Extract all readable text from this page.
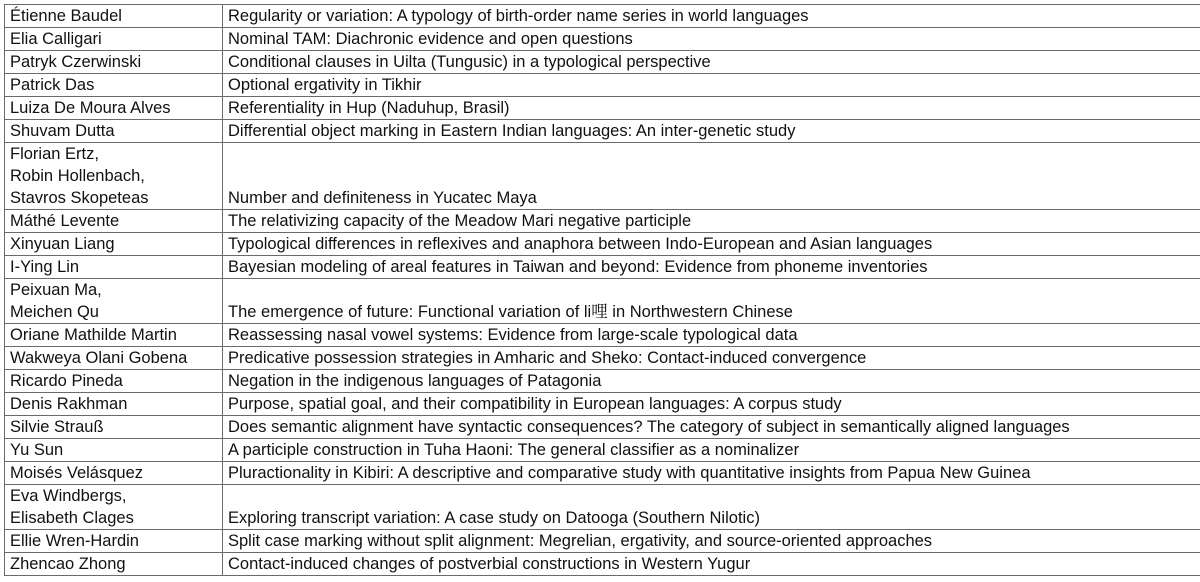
Étienne Baudel	Regularity or variation: A typology of birth-order name series in world languages

Elia Calligari	Nominal TAM: Diachronic evidence and open questions

Patryk Czerwinski	Conditional clauses in Uilta (Tungusic) in a typological perspective

Patrick Das	Optional ergativity in Tikhir

Luiza De Moura Alves	Referentiality in Hup (Naduhup, Brasil)

Shuvam Dutta	Differential object marking in Eastern Indian languages: An inter-genetic study

Florian Ertz,
Robin Hollenbach,
Stavros Skopeteas	Number and definiteness in Yucatec Maya

Máthé Levente	The relativizing capacity of the Meadow Mari negative participle

Xinyuan Liang	Typological differences in reflexives and anaphora between Indo-European and Asian languages

I-Ying Lin	Bayesian modeling of areal features in Taiwan and beyond: Evidence from phoneme inventories

Peixuan Ma,
Meichen Qu	The emergence of future: Functional variation of li哩 in Northwestern Chinese

Oriane Mathilde Martin	Reassessing nasal vowel systems: Evidence from large-scale typological data

Wakweya Olani Gobena	Predicative possession strategies in Amharic and Sheko: Contact-induced convergence

Ricardo Pineda	Negation in the indigenous languages of Patagonia

Denis Rakhman	Purpose, spatial goal, and their compatibility in European languages: A corpus study

Silvie Strauß	Does semantic alignment have syntactic consequences? The category of subject in semantically aligned languages

Yu Sun	A participle construction in Tuha Haoni: The general classifier as a nominalizer

Moisés Velásquez	Pluractionality in Kibiri: A descriptive and comparative study with quantitative insights from Papua New Guinea

Eva Windbergs,
Elisabeth Clages	Exploring transcript variation: A case study on Datooga (Southern Nilotic)

Ellie Wren-Hardin	Split case marking without split alignment: Megrelian, ergativity, and source-oriented approaches

Zhencao Zhong	Contact-induced changes of postverbial constructions in Western Yugur
